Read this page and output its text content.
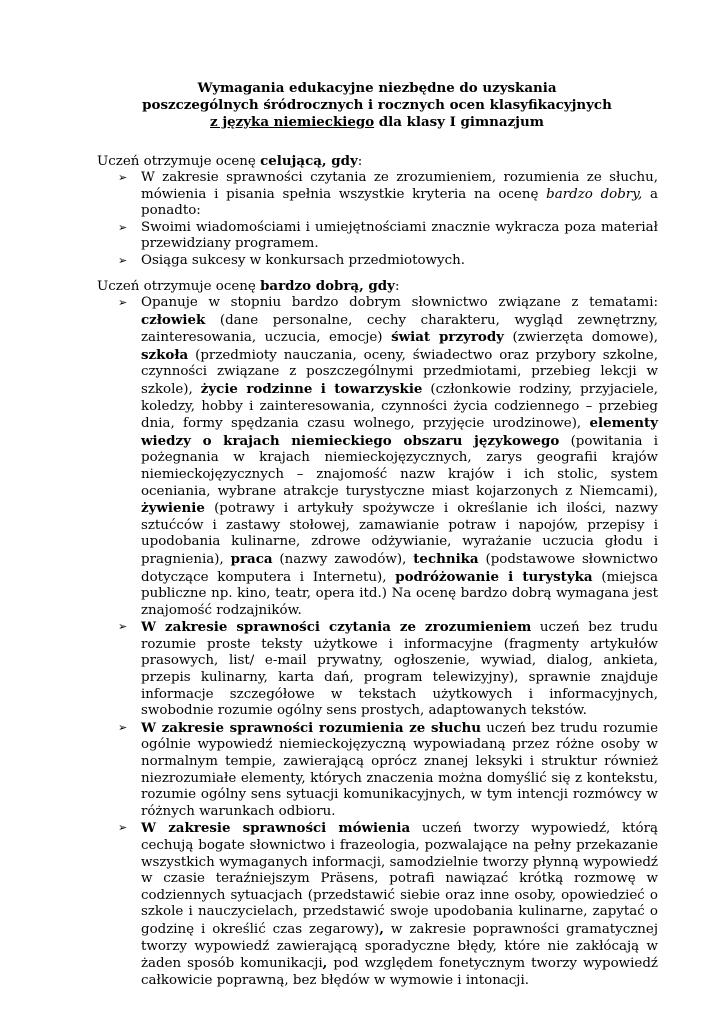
Wymagania edukacyjne niezbędne do uzyskania
poszczególnych śródrocznych i rocznych ocen klasyfikacyjnych
z języka niemieckiego dla klasy I gimnazjum
Uczeń otrzymuje ocenę celującą, gdy:
➢	W zakresie sprawności czytania ze zrozumieniem, rozumienia ze słuchu, mówienia i pisania spełnia wszystkie kryteria na ocenę bardzo dobry, a ponadto:
➢	Swoimi wiadomościami i umiejętnościami znacznie wykracza poza materiał przewidziany programem.
➢	Osiąga sukcesy w konkursach przedmiotowych.
Uczeń otrzymuje ocenę bardzo dobrą, gdy:
➢	Opanuje w stopniu bardzo dobrym słownictwo związane z tematami: człowiek (dane personalne, cechy charakteru, wygląd zewnętrzny, zainteresowania, uczucia, emocje) świat przyrody (zwierzęta domowe), szkoła (przedmioty nauczania, oceny, świadectwo oraz przybory szkolne, czynności związane z poszczególnymi przedmiotami, przebieg lekcji w szkole), życie rodzinne i towarzyskie (członkowie rodziny, przyjaciele, koledzy, hobby i zainteresowania, czynności życia codziennego – przebieg dnia, formy spędzania czasu wolnego, przyjęcie urodzinowe), elementy wiedzy o krajach niemieckiego obszaru językowego (powitania i pożegnania w krajach niemieckojęzycznych, zarys geografii krajów niemieckojęzycznych – znajomość nazw krajów i ich stolic, system oceniania, wybrane atrakcje turystyczne miast kojarzonych z Niemcami), żywienie (potrawy i artykuły spożywcze i określanie ich ilości, nazwy sztućców i zastawy stołowej, zamawianie potraw i napojów, przepisy i upodobania kulinarne, zdrowe odżywianie, wyrażanie uczucia głodu i pragnienia), praca (nazwy zawodów), technika (podstawowe słownictwo dotyczące komputera i Internetu), podróżowanie i turystyka (miejsca publiczne np. kino, teatr, opera itd.) Na ocenę bardzo dobrą wymagana jest znajomość rodzajników.
➢	W zakresie sprawności czytania ze zrozumieniem uczeń bez trudu rozumie proste teksty użytkowe i informacyjne (fragmenty artykułów prasowych, list/ e-mail prywatny, ogłoszenie, wywiad, dialog, ankieta, przepis kulinarny, karta dań, program telewizyjny), sprawnie znajduje informacje szczegółowe w tekstach użytkowych i informacyjnych, swobodnie rozumie ogólny sens prostych, adaptowanych tekstów.
➢	W zakresie sprawności rozumienia ze słuchu uczeń bez trudu rozumie ogólnie wypowiedź niemieckojęzyczną wypowiadaną przez różne osoby w normalnym tempie, zawierającą oprócz znanej leksyki i struktur również niezrozumiałe elementy, których znaczenia można domyślić się z kontekstu, rozumie ogólny sens sytuacji komunikacyjnych, w tym intencji rozmówcy w różnych warunkach odbioru.
➢	W zakresie sprawności mówienia uczeń tworzy wypowiedź, którą cechują bogate słownictwo i frazeologia, pozwalające na pełny przekazanie wszystkich wymaganych informacji, samodzielnie tworzy płynną wypowiedź w czasie teraźniejszym Präsens, potrafi nawiązać krótką rozmowę w codziennych sytuacjach (przedstawić siebie oraz inne osoby, opowiedzieć o szkole i nauczycielach, przedstawić swoje upodobania kulinarne, zapytać o godzinę i określić czas zegarowy), w zakresie poprawności gramatycznej tworzy wypowiedź zawierającą sporadyczne błędy, które nie zakłócają w żaden sposób komunikacji, pod względem fonetycznym tworzy wypowiedź całkowicie poprawną, bez błędów w wymowie i intonacji.
